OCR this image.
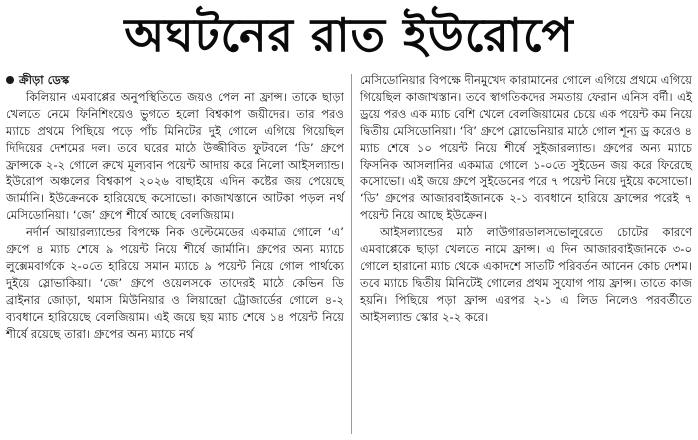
অঘটনের রাত ইউরোপে
ক্রীড়া ডেস্ক

কিলিয়ান এমবাপ্পের অনুপস্থিতিতে জয়ও পেল না ফ্রান্স। তাকে ছাড়া খেলতে নেমে ফিনিশিংয়েও ভুগতে হলো বিশ্বকাপ জয়ীদের। তার পরও ম্যাচে প্রথমে পিছিয়ে পড়ে পাঁচ মিনিটের দুই গোলে এগিয়ে গিয়েছিল দিদিয়ের দেশমের দল। তবে ঘরের মাঠে উজ্জীবিত ফুটবলে ‘ডি’ গ্রুপে ফ্রান্সকে ২-২ গোলে রুখে মূল্যবান পয়েন্ট আদায় করে নিলো আইসল্যান্ড। ইউরোপ অঞ্চলের বিশ্বকাপ ২০২৬ বাছাইয়ে এদিন কষ্টের জয় পেয়েছে জার্মানি। ইউক্রেনকে হারিয়েছে কসোভো। কাজাখস্তানে আটকা পড়ল নর্থ মেসিডোনিয়া। ‘জে’ গ্রুপে শীর্ষে আছে বেলজিয়াম।

নর্দার্ন আয়ারল্যান্ডের বিপক্ষে নিক ওল্টেমেডের একমাত্র গোলে ‘এ’ গ্রুপে ৪ ম্যাচ শেষে ৯ পয়েন্ট নিয়ে শীর্ষে জার্মানি। গ্রুপের অন্য ম্যাচে লুক্সেমবার্গকে ২-০তে হারিয়ে সমান ম্যাচে ৯ পয়েন্ট নিয়ে গোল পার্থক্যে দুইয়ে স্লোভাকিয়া। ‘জে’ গ্রুপে ওয়েলসকে তাদেরই মাঠে কেভিন ডি ব্রাইনার জোড়া, থমাস মিউনিয়ার ও লিয়ান্দ্রো ট্রোজার্ডের গোলে ৪-২ ব্যবধানে হারিয়েছে বেলজিয়াম। এই জয়ে ছয় ম্যাচ শেষে ১৪ পয়েন্ট নিয়ে শীর্ষে রয়েছে তারা। গ্রুপের অন্য ম্যাচে নর্থ

মেসিডোনিয়ার বিপক্ষে দীনমুখেদ কারামানের গোলে এগিয়ে প্রথমে এগিয়ে গিয়েছিল কাজাখস্তান। তবে স্বাগতিকদের সমতায় ফেরান এনিস বর্দী। এই ড্রয়ে পরও এক ম্যাচ বেশি খেলে বেলজিয়ামের চেয়ে এক পয়েন্ট কম নিয়ে দ্বিতীয় মেসিডোনিয়া। ‘বি’ গ্রুপে স্লোভেনিয়ার মাঠে গোল শূন্য ড্র করেও ৪ ম্যাচ শেষে ১০ পয়েন্ট নিয়ে শীর্ষে সুইজারল্যান্ড। গ্রুপের অন্য ম্যাচে ফিসনিক আসলানির একমাত্র গোলে ১-০তে সুইডেন জয় করে ফিরেছে কসোভো। এই জয়ে গ্রুপে সুইডেনের পরে ৭ পয়েন্ট নিয়ে দুইয়ে কসোভো। ‘ডি’ গ্রুপের আজারবাইজানকে ২-১ ব্যবধানে হারিয়ে ফ্রান্সের পরেই ৭ পয়েন্ট নিয়ে আছে ইউক্রেন।

আইসল্যান্ডের মাঠ লাউগারডালসভোলুরেতে চোটের কারণে এমবাপ্পেকে ছাড়া খেলতে নামে ফ্রান্স। এ দিন আজারবাইজানকে ৩-০ গোলে হারানো ম্যাচ থেকে একাদশে সাতটি পরিবর্তন আনেন কোচ দেশম। তবে ম্যাচে দ্বিতীয় মিনিটেই গোলের প্রথম সুযোগ পায় ফ্রান্স। তাতে কাজ হয়নি। পিছিয়ে পড়া ফ্রান্স এরপর ২-১ এ লিড নিলেও পরবর্তীতে আইসল্যান্ড স্কোর ২-২ করে।
